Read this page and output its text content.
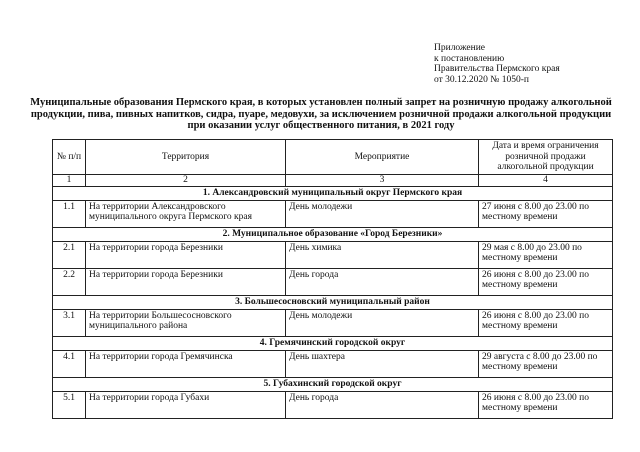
Приложение
к постановлению
Правительства Пермского края
от 30.12.2020 № 1050-п
Муниципальные образования Пермского края, в которых установлен полный запрет на розничную продажу алкогольной продукции, пива, пивных напитков, сидра, пуаре, медовухи, за исключением розничной продажи алкогольной продукции при оказании услуг общественного питания, в 2021 году
№ п/п	Территория	Мероприятие	Дата и время ограничения розничной продажи алкогольной продукции
1	2	3	4
1. Александровский муниципальный округ Пермского края			
1.1	На территории Александровского муниципального округа Пермского края	День молодежи	27 июня с 8.00 до 23.00 по местному времени
2. Муниципальное образование «Город Березники»			
2.1	На территории города Березники	День химика	29 мая с 8.00 до 23.00 по местному времени
2.2	На территории города Березники	День города	26 июня с 8.00 до 23.00 по местному времени
3. Большесосновский муниципальный район			
3.1	На территории Большесосновского муниципального района	День молодежи	26 июня с 8.00 до 23.00 по местному времени
4. Гремячинский городской округ			
4.1	На территории города Гремячинска	День шахтера	29 августа с 8.00 до 23.00 по местному времени
5. Губахинский городской округ			
5.1	На территории города Губахи	День города	26 июня с 8.00 до 23.00 по местному времени
